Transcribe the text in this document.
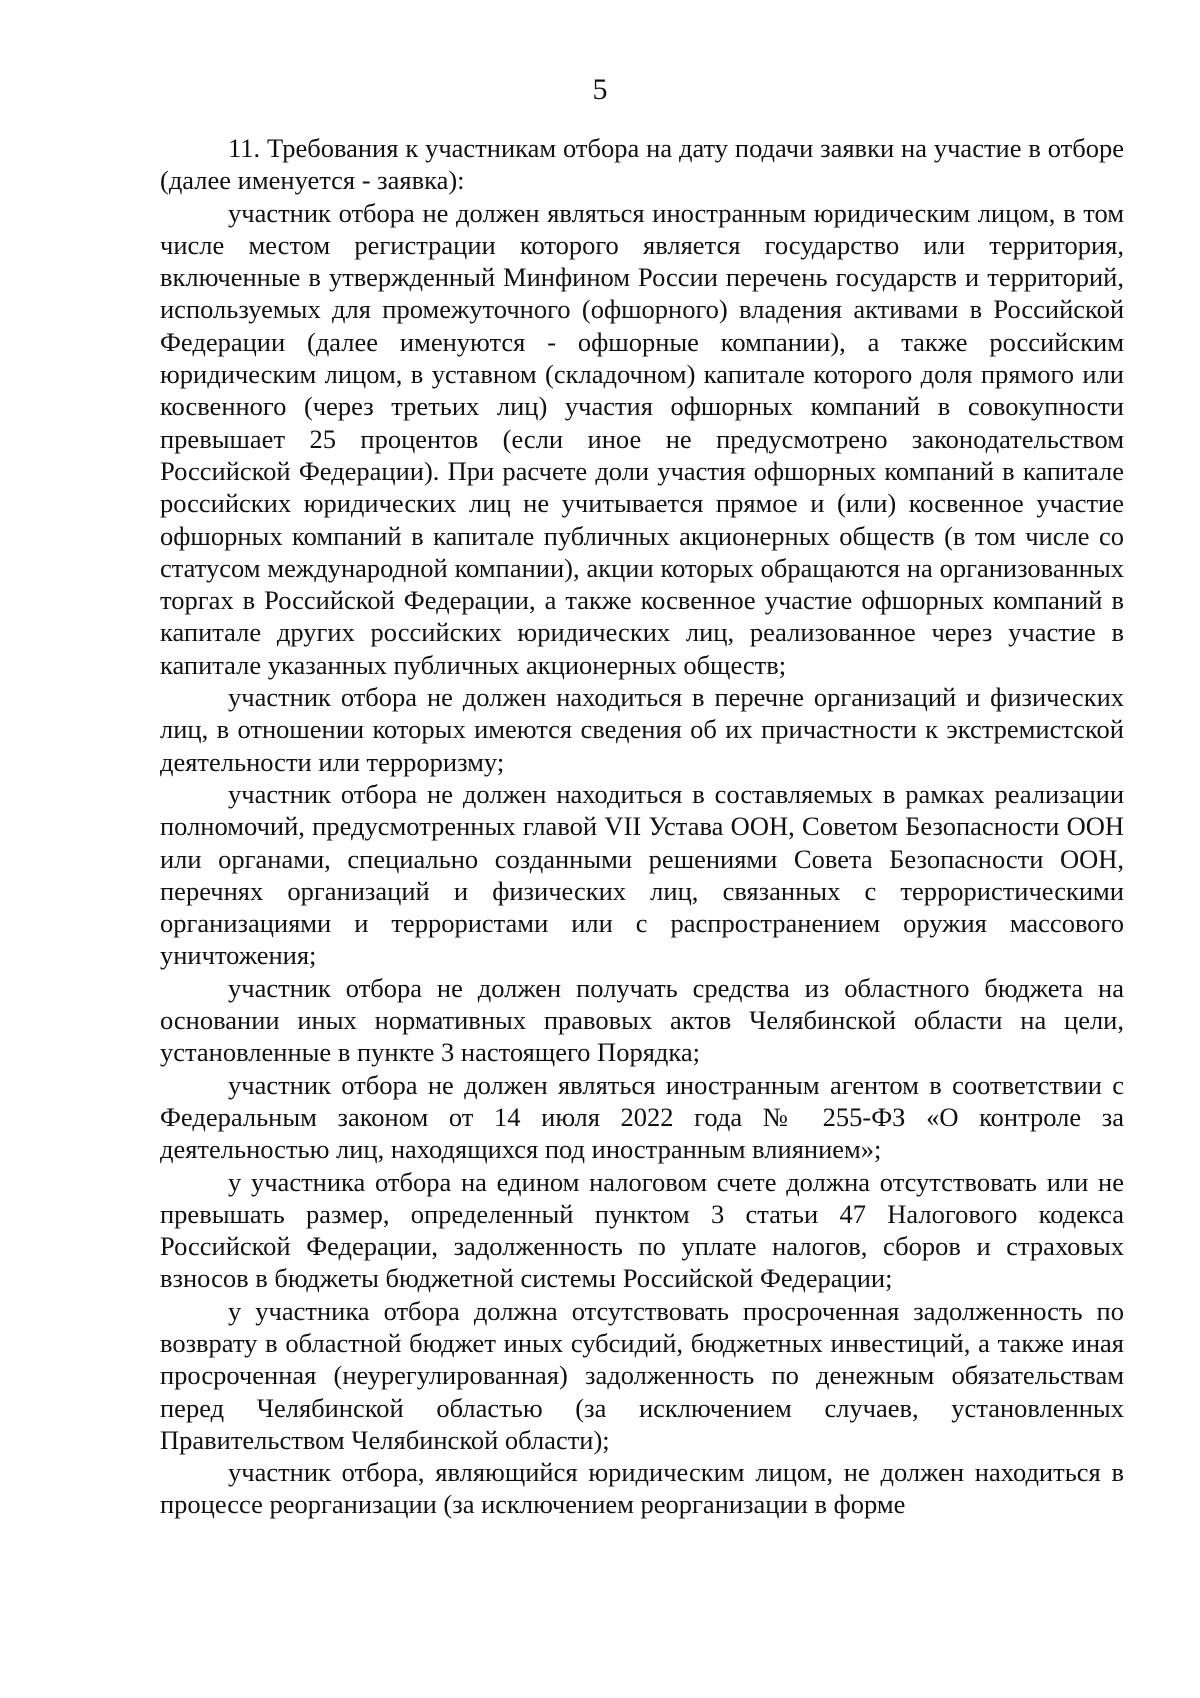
5

11. Требования к участникам отбора на дату подачи заявки на участие в отборе (далее именуется - заявка):

участник отбора не должен являться иностранным юридическим лицом, в том числе местом регистрации которого является государство или территория, включенные в утвержденный Минфином России перечень государств и территорий, используемых для промежуточного (офшорного) владения активами в Российской Федерации (далее именуются - офшорные компании), а также российским юридическим лицом, в уставном (складочном) капитале которого доля прямого или косвенного (через третьих лиц) участия офшорных компаний в совокупности превышает 25 процентов (если иное не предусмотрено законодательством Российской Федерации). При расчете доли участия офшорных компаний в капитале российских юридических лиц не учитывается прямое и (или) косвенное участие офшорных компаний в капитале публичных акционерных обществ (в том числе со статусом международной компании), акции которых обращаются на организованных торгах в Российской Федерации, а также косвенное участие офшорных компаний в капитале других российских юридических лиц, реализованное через участие в капитале указанных публичных акционерных обществ;

участник отбора не должен находиться в перечне организаций и физических лиц, в отношении которых имеются сведения об их причастности к экстремистской деятельности или терроризму;

участник отбора не должен находиться в составляемых в рамках реализации полномочий, предусмотренных главой VII Устава ООН, Советом Безопасности ООН или органами, специально созданными решениями Совета Безопасности ООН, перечнях организаций и физических лиц, связанных с террористическими организациями и террористами или с распространением оружия массового уничтожения;

участник отбора не должен получать средства из областного бюджета на основании иных нормативных правовых актов Челябинской области на цели, установленные в пункте 3 настоящего Порядка;

участник отбора не должен являться иностранным агентом в соответствии с Федеральным законом от 14 июля 2022 года № 255-ФЗ «О контроле за деятельностью лиц, находящихся под иностранным влиянием»;

у участника отбора на едином налоговом счете должна отсутствовать или не превышать размер, определенный пунктом 3 статьи 47 Налогового кодекса Российской Федерации, задолженность по уплате налогов, сборов и страховых взносов в бюджеты бюджетной системы Российской Федерации;

у участника отбора должна отсутствовать просроченная задолженность по возврату в областной бюджет иных субсидий, бюджетных инвестиций, а также иная просроченная (неурегулированная) задолженность по денежным обязательствам перед Челябинской областью (за исключением случаев, установленных Правительством Челябинской области);

участник отбора, являющийся юридическим лицом, не должен находиться в процессе реорганизации (за исключением реорганизации в форме
